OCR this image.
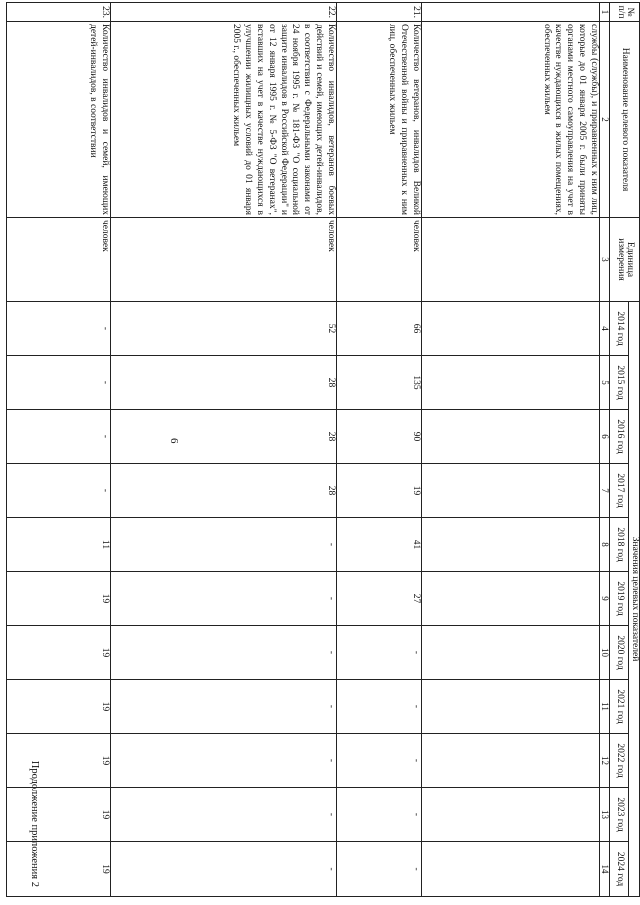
6
Продолжение приложения 2
№ п/п	Наименование целевого показателя	Единица измерения	Значения целевых показателей										
			2014 год	2015 год	2016 год	2017 год	2018 год	2019 год	2020 год	2021 год	2022 год	2023 год	2024 год
1	2	3	4	5	6	7	8	9	10	11	12	13	14
	службы (службы), и приравненных к ним лиц, которые до 01 января 2005 г. были приняты органами местного самоуправления на учет в качестве нуждающихся в жилых помещениях, обеспеченных жильем												
21.	Количество ветеранов, инвалидов Великой Отечественной войны и приравненных к ним лиц, обеспеченных жильем	человек	66	135	90	19	41	27	-	-	-	-	-
22.	Количество инвалидов, ветеранов боевых действий и семей, имеющих детей-инвалидов, в соответствии с Федеральными законами от 24 ноября 1995 г. № 181-ФЗ "О социальной защите инвалидов в Российской Федерации" и от 12 января 1995 г. № 5-ФЗ "О ветеранах", вставших на учет в качестве нуждающихся в улучшении жилищных условий до 01 января 2005 г., обеспеченных жильем	человек	52	28	28	28	-	-	-	-	-	-	-
23.	Количество инвалидов и семей, имеющих детей-инвалидов, в соответствии	человек	-	-	-	-	11	19	19	19	19	19	19
